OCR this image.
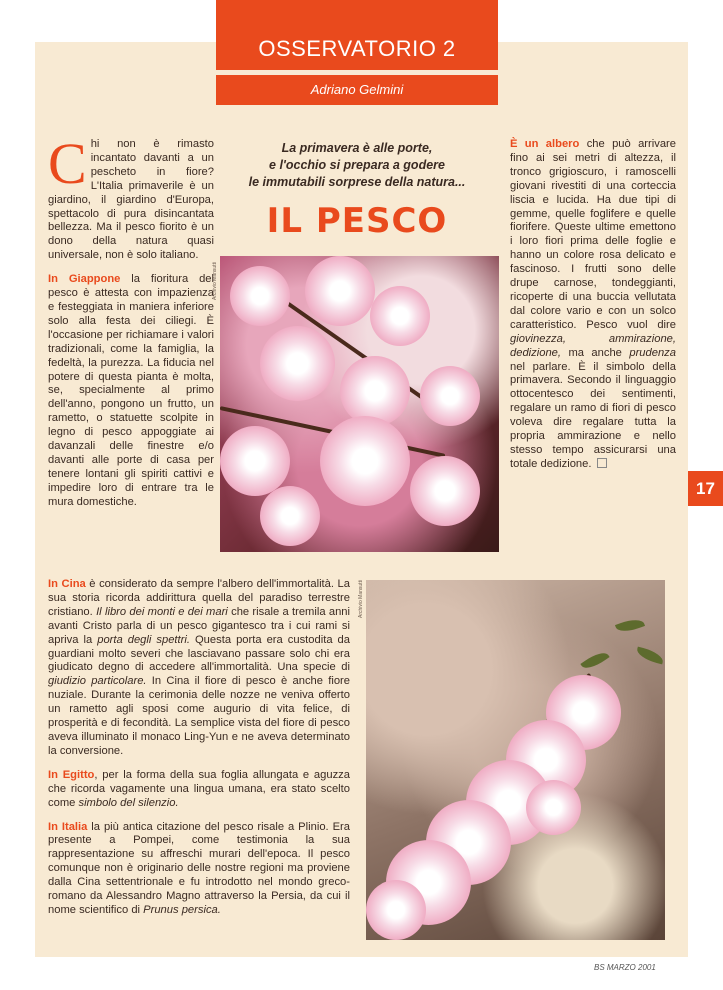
OSSERVATORIO 2
Adriano Gelmini

Chi non è rimasto incantato davanti a un pescheto in fiore? L'Italia primaverile è un giardino, il giardino d'Europa, spettacolo di pura disincantata bellezza. Ma il pesco fiorito è un dono della natura quasi universale, non è solo italiano.

In Giappone la fioritura del pesco è attesta con impazienza e festeggiata in maniera inferiore solo alla festa dei ciliegi. È l'occasione per richiamare i valori tradizionali, come la famiglia, la fedeltà, la purezza. La fiducia nel potere di questa pianta è molta, se, specialmente al primo dell'anno, pongono un frutto, un rametto, o statuette scolpite in legno di pesco appoggiate ai davanzali delle finestre e/o davanti alle porte di casa per tenere lontani gli spiriti cattivi e impedire loro di entrare tra le mura domestiche.

La primavera è alle porte,
e l'occhio si prepara a godere
le immutabili sorprese della natura...
IL PESCO
Archivio Mansutti

È un albero che può arrivare fino ai sei metri di altezza, il tronco grigioscuro, i ramoscelli giovani rivestiti di una corteccia liscia e lucida. Ha due tipi di gemme, quelle foglifere e quelle fiorifere. Queste ultime emettono i loro fiori prima delle foglie e hanno un colore rosa delicato e fascinoso. I frutti sono delle drupe carnose, tondeggianti, ricoperte di una buccia vellutata dal colore vario e con un solco caratteristico. Pesco vuol dire giovinezza, ammirazione, dedizione, ma anche prudenza nel parlare. È il simbolo della primavera. Secondo il linguaggio ottocentesco dei sentimenti, regalare un ramo di fiori di pesco voleva dire regalare tutta la propria ammirazione e nello stesso tempo assicurarsi una totale dedizione.

In Cina è considerato da sempre l'albero dell'immortalità. La sua storia ricorda addirittura quella del paradiso terrestre cristiano. Il libro dei monti e dei mari che risale a tremila anni avanti Cristo parla di un pesco gigantesco tra i cui rami si apriva la porta degli spettri. Questa porta era custodita da guardiani molto severi che lasciavano passare solo chi era giudicato degno di accedere all'immortalità. Una specie di giudizio particolare. In Cina il fiore di pesco è anche fiore nuziale. Durante la cerimonia delle nozze ne veniva offerto un rametto agli sposi come augurio di vita felice, di prosperità e di fecondità. La semplice vista del fiore di pesco aveva illuminato il monaco Ling-Yun e ne aveva determinato la conversione.

In Egitto, per la forma della sua foglia allungata e aguzza che ricorda vagamente una lingua umana, era stato scelto come simbolo del silenzio.

In Italia la più antica citazione del pesco risale a Plinio. Era presente a Pompei, come testimonia la sua rappresentazione su affreschi murari dell'epoca. Il pesco comunque non è originario delle nostre regioni ma proviene dalla Cina settentrionale e fu introdotto nel mondo greco-romano da Alessandro Magno attraverso la Persia, da cui il nome scientifico di Prunus persica.

Archivio Mansutti
17
BS MARZO 2001
